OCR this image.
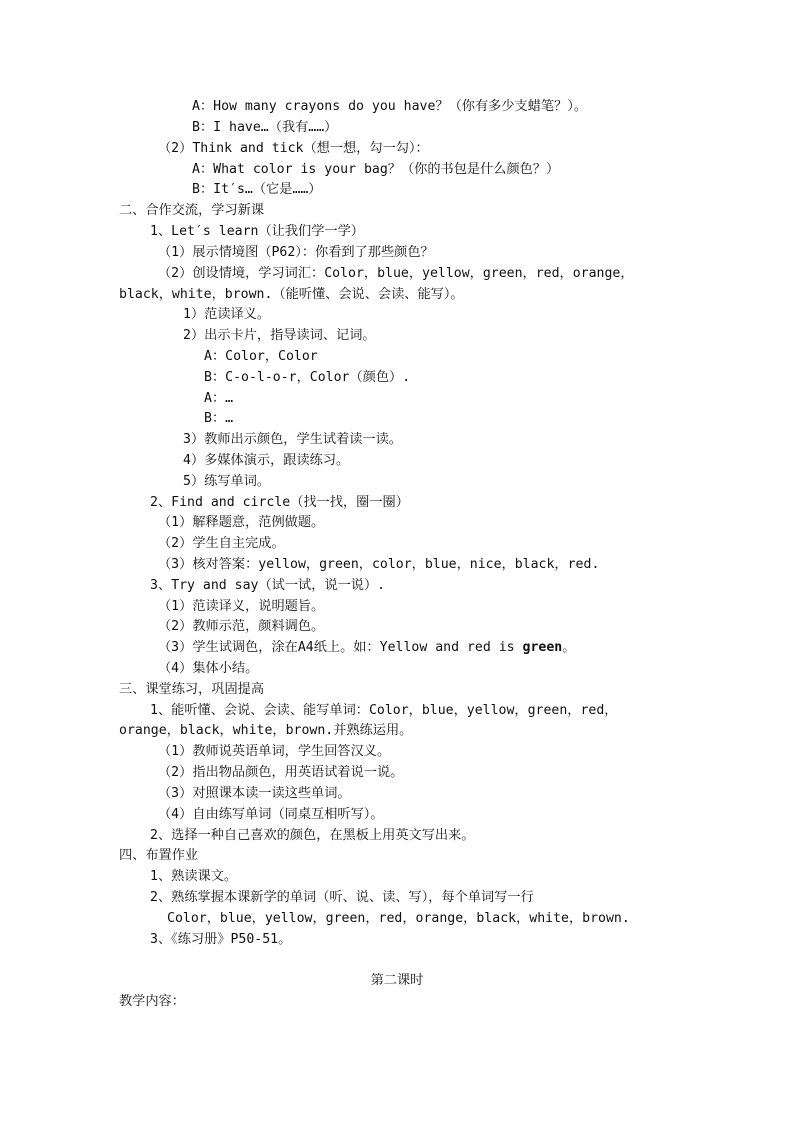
A：How many crayons do you have？（你有多少支蜡笔？）。
B：I have…（我有……）
（2）Think and tick（想一想，勾一勾）：
A：What color is your bag？（你的书包是什么颜色？）
B：It′s…（它是……）
二、合作交流，学习新课
1、Let′s learn（让我们学一学）
（1）展示情境图（P62）：你看到了那些颜色？
（2）创设情境，学习词汇：Color，blue，yellow，green，red，orange，
black，white，brown.（能听懂、会说、会读、能写）。
1）范读译义。
2）出示卡片，指导读词、记词。
A：Color，Color
B：C-o-l-o-r，Color（颜色）.
A：…
B：…
3）教师出示颜色，学生试着读一读。
4）多媒体演示，跟读练习。
5）练写单词。
2、Find and circle（找一找，圈一圈）
（1）解释题意，范例做题。
（2）学生自主完成。
（3）核对答案：yellow，green，color，blue，nice，black，red.
3、Try and say（试一试，说一说）.
（1）范读译义，说明题旨。
（2）教师示范，颜料调色。
（3）学生试调色，涂在A4纸上。如：Yellow and red is green。
（4）集体小结。
三、课堂练习，巩固提高
1、能听懂、会说、会读、能写单词：Color，blue，yellow，green，red，
orange，black，white，brown.并熟练运用。
（1）教师说英语单词，学生回答汉义。
（2）指出物品颜色，用英语试着说一说。
（3）对照课本读一读这些单词。
（4）自由练写单词（同桌互相听写）。
2、选择一种自己喜欢的颜色，在黑板上用英文写出来。
四、布置作业
1、熟读课文。
2、熟练掌握本课新学的单词（听、说、读、写），每个单词写一行
Color，blue，yellow，green，red，orange，black，white，brown.
3、《练习册》P50-51。
第二课时
教学内容：
